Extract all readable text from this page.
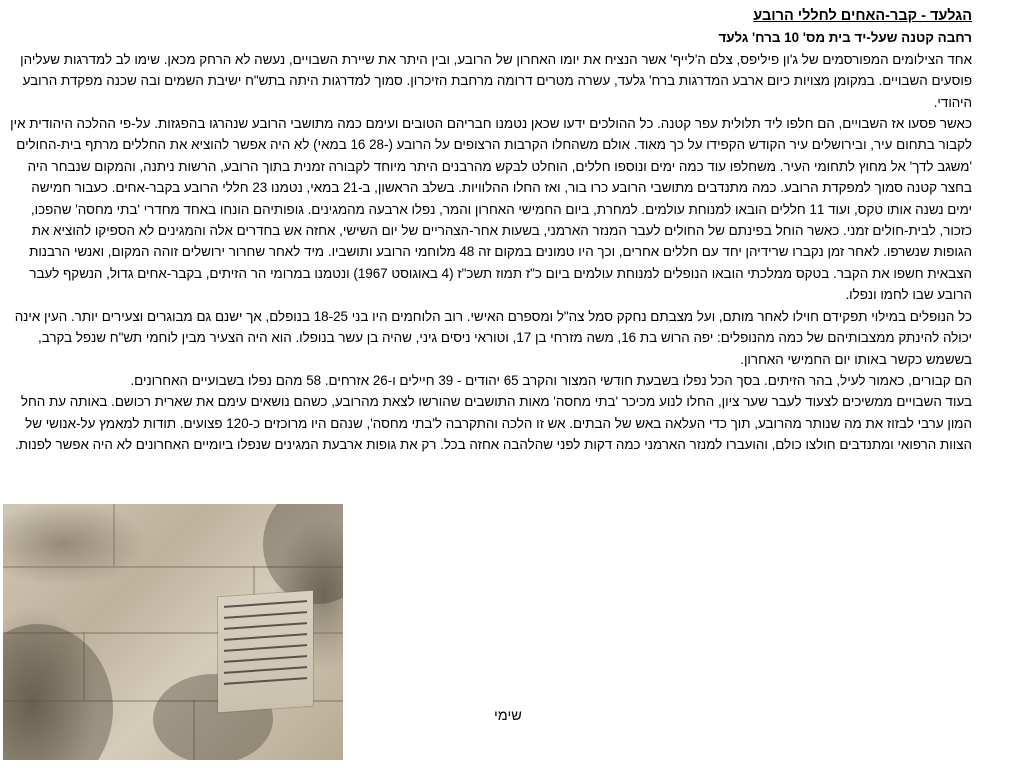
הגלעד - קבר-האחים לחללי הרובע
רחבה קטנה שעל-יד בית מס' 10 ברח' גלעד

אחד הצילומים המפורסמים של ג'ון פיליפס, צלם ה'לייף' אשר הנציח את יומו האחרון של הרובע, ובין היתר את שיירת השבויים, נעשה לא הרחק מכאן. שימו לב למדרגות שעליהן פוסעים השבויים. במקומן מצויות כיום ארבע המדרגות ברח' גלעד, עשרה מטרים דרומה מרחבת הזיכרון. סמוך למדרגות היתה בתש"ח ישיבת השמים ובה שכנה מפקדת הרובע היהודי.

כאשר פסעו אז השבויים, הם חלפו ליד תלולית עפר קטנה. כל ההולכים ידעו שכאן נטמנו חבריהם הטובים ועימם כמה מתושבי הרובע שנהרגו בהפגזות. על-פי ההלכה היהודית אין לקבור בתחום עיר, ובירושלים עיר הקודש הקפידו על כך מאוד. אולם משהחלו הקרבות הרצופים על הרובע (-28 16 במאי) לא היה אפשר להוציא את החללים מרתף בית-החולים 'משגב לדך' אל מחוץ לתחומי העיר. משחלפו עוד כמה ימים ונוספו חללים, הוחלט לבקש מהרבנים היתר מיוחד לקבורה זמנית בתוך הרובע, הרשות ניתנה, והמקום שנבחר היה בחצר קטנה סמוך למפקדת הרובע. כמה מתנדבים מתושבי הרובע כרו בור, ואז החלו ההלוויות. בשלב הראשון, ב-21 במאי, נטמנו 23 חללי הרובע בקבר-אחים. כעבור חמישה ימים נשנה אותו טקס, ועוד 11 חללים הובאו למנוחת עולמים. למחרת, ביום החמישי האחרון והמר, נפלו ארבעה מהמגינים. גופותיהם הונחו באחד מחדרי 'בתי מחסה' שהפכו, כזכור, לבית-חולים זמני. כאשר הוחל בפינתם של החולים לעבר המנזר הארמני, בשעות אחר-הצהריים של יום השישי, אחזה אש בחדרים אלה והמגינים לא הספיקו להוציא את הגופות שנשרפו. לאחר זמן נקברו שרידיהן יחד עם חללים אחרים, וכך היו טמונים במקום זה 48 מלוחמי הרובע ותושביו. מיד לאחר שחרור ירושלים זוהה המקום, ואנשי הרבנות הצבאית חשפו את הקבר. בטקס ממלכתי הובאו הנופלים למנוחת עולמים ביום כ"ז תמוז תשכ"ז (4 באוגוסט 1967) ונטמנו במרומי הר הזיתים, בקבר-אחים גדול, הנשקף לעבר הרובע שבו לחמו ונפלו.

כל הנופלים במילוי תפקידם חוילו לאחר מותם, ועל מצבתם נחקק סמל צה"ל ומספרם האישי. רוב הלוחמים היו בני 18-25 בנופלם, אך ישנם גם מבוגרים וצעירים יותר. העין אינה יכולה להינתק ממצבותיהם של כמה מהנופלים: יפה הרוש בת 16, משה מזרחי בן 17, וטוראי ניסים גיני, שהיה בן עשר בנופלו. הוא היה הצעיר מבין לוחמי תש"ח שנפל בקרב, בששמש כקשר באותו יום החמישי האחרון.

הם קבורים, כאמור לעיל, בהר הזיתים. בסך הכל נפלו בשבעת חודשי המצור והקרב 65 יהודים - 39 חיילים ו-26 אזרחים. 58 מהם נפלו בשבועיים האחרונים.

בעוד השבויים ממשיכים לצעוד לעבר שער ציון, החלו לנוע מכיכר 'בתי מחסה' מאות התושבים שהורשו לצאת מהרובע, כשהם נושאים עימם את שארית רכושם. באותה עת החל המון ערבי לבזוז את מה שנותר מהרובע, תוך כדי העלאה באש של הבתים. אש זו הלכה והתקרבה ל'בתי מחסה', שנהם היו מרוכזים כ-120 פצועים. תודות למאמץ על-אנושי של הצוות הרפואי ומתנדבים חולצו כולם, והועברו למנזר הארמני כמה דקות לפני שהלהבה אחזה בכל. רק את גופות ארבעת המגינים שנפלו ביומיים האחרונים לא היה אפשר לפנות.

שימי
